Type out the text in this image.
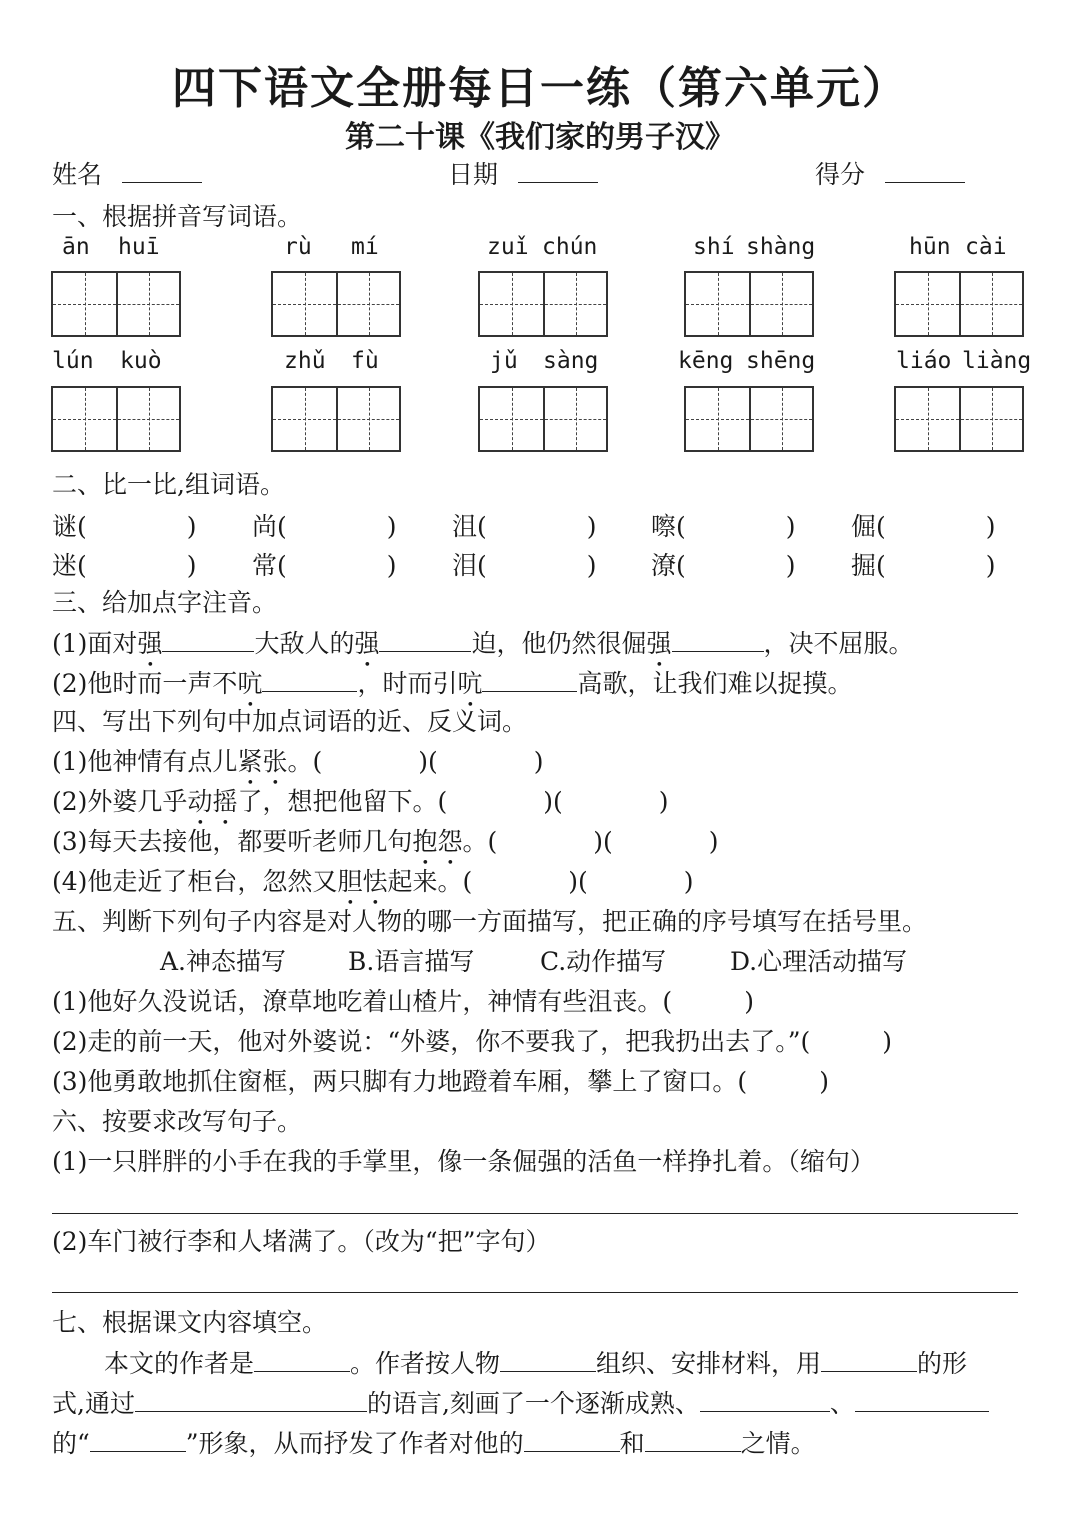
四下语文全册每日一练（第六单元）
第二十课《我们家的男子汉》
姓名	日期	得分
一、根据拼音写词语。
ān huī	rù mí	zuǐ chún	shí shàng	hūn cài
lún kuò	zhǔ fù	jǔ sàng	kēng shēng	liáo liàng
二、比一比,组词语。
谜(	) 尚(	) 沮(	) 嚓(	) 倔(	)
迷(	) 常(	) 泪(	) 潦(	) 掘(	)
三、给加点字注音。
(1)面对强	大敌人的强	迫，他仍然很倔强	，决不屈服。
(2)他时而一声不吭	，时而引吭	高歌，让我们难以捉摸。
四、写出下列句中加点词语的近、反义词。
(1)他神情有点儿紧张。(	)(	)
(2)外婆几乎动摇了，想把他留下。(	)(	)
(3)每天去接他，都要听老师几句抱怨。(	)(	)
(4)他走近了柜台，忽然又胆怯起来。(	)(	)
五、判断下列句子内容是对人物的哪一方面描写，把正确的序号填写在括号里。
A.神态描写 B.语言描写	C.动作描写	D.心理活动描写
(1)他好久没说话，潦草地吃着山楂片，神情有些沮丧。(	)
(2)走的前一天，他对外婆说：“外婆，你不要我了，把我扔出去了。”(	)
(3)他勇敢地抓住窗框，两只脚有力地蹬着车厢，攀上了窗口。(	)
六、按要求改写句子。
(1)一只胖胖的小手在我的手掌里，像一条倔强的活鱼一样挣扎着。（缩句）
(2)车门被行李和人堵满了。（改为“把”字句）
七、根据课文内容填空。
本文的作者是	。作者按人物	组织、安排材料，用	的形
式,通过	的语言,刻画了一个逐渐成熟、	、
的“	”形象，从而抒发了作者对他的	和	之情。
